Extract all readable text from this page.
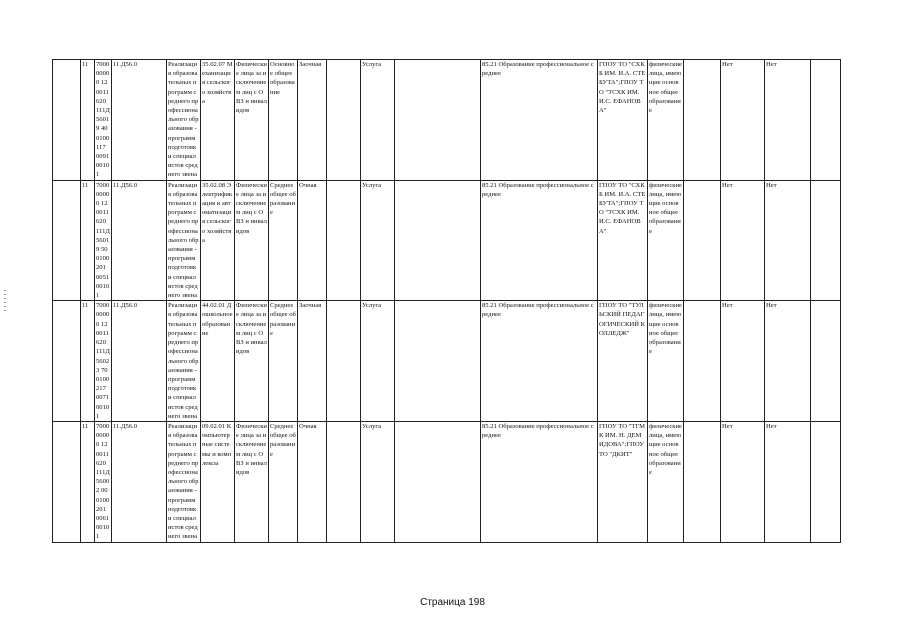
	11	700000000 120011620 111Д56019 400100117 009100101	11.Д56.0	Реализация образовательных программ среднего профессионального образования - программ подготовки специалистов среднего звена	35.02.07 Механизация сельского хозяйства	Физические лица за исключением лиц с ОВЗ и инвалидов	Основное общее образование	Заочная		Услуга		85.21 Образование профессиональное среднее	ГПОУ ТО "СХКБ ИМ. И.А. СТЕБУТА";ГПОУ ТО "ТСХК ИМ. И.С. ЕФАНОВА"	физические лица, имеющие основное общее образование		Нет	Нет	
	11	700000000 120011620 111Д56019 500100201 005100101	11.Д56.0	Реализация образовательных программ среднего профессионального образования - программ подготовки специалистов среднего звена	35.02.08 Электрификация и автоматизация сельского хозяйства	Физические лица за исключением лиц с ОВЗ и инвалидов	Среднее общее образование	Очная		Услуга		85.21 Образование профессиональное среднее	ГПОУ ТО "СХКБ ИМ. И.А. СТЕБУТА";ГПОУ ТО "ТСХК ИМ. И.С. ЕФАНОВА"	физические лица, имеющие основное общее образование		Нет	Нет	
	11	700000000 120011620 111Д56023 700100217 007100101	11.Д56.0	Реализация образовательных программ среднего профессионального образования - программ подготовки специалистов среднего звена	44.02.01 Дошкольное образование	Физические лица за исключением лиц с ОВЗ и инвалидов	Среднее общее образование	Заочная		Услуга		85.21 Образование профессиональное среднее	ГПОУ ТО "ТУЛЬСКИЙ ПЕДАГОГИЧЕСКИЙ КОЛЛЕДЖ"	физические лица, имеющие основное общее образование		Нет	Нет	
	11	700000000 120011620 111Д56002 000100201 006100101	11.Д56.0	Реализация образовательных программ среднего профессионального образования - программ подготовки специалистов среднего звена	09.02.01 Компьютерные системы и комплексы	Физические лица за исключением лиц с ОВЗ и инвалидов	Среднее общее образование	Очная		Услуга		85.21 Образование профессиональное среднее	ГПОУ ТО "ТГМК ИМ. Н. ДЕМИДОВА";ГПОУ ТО "ДКИТ"	физические лица, имеющие основное общее образование		Нет	Нет	
Страница 198
